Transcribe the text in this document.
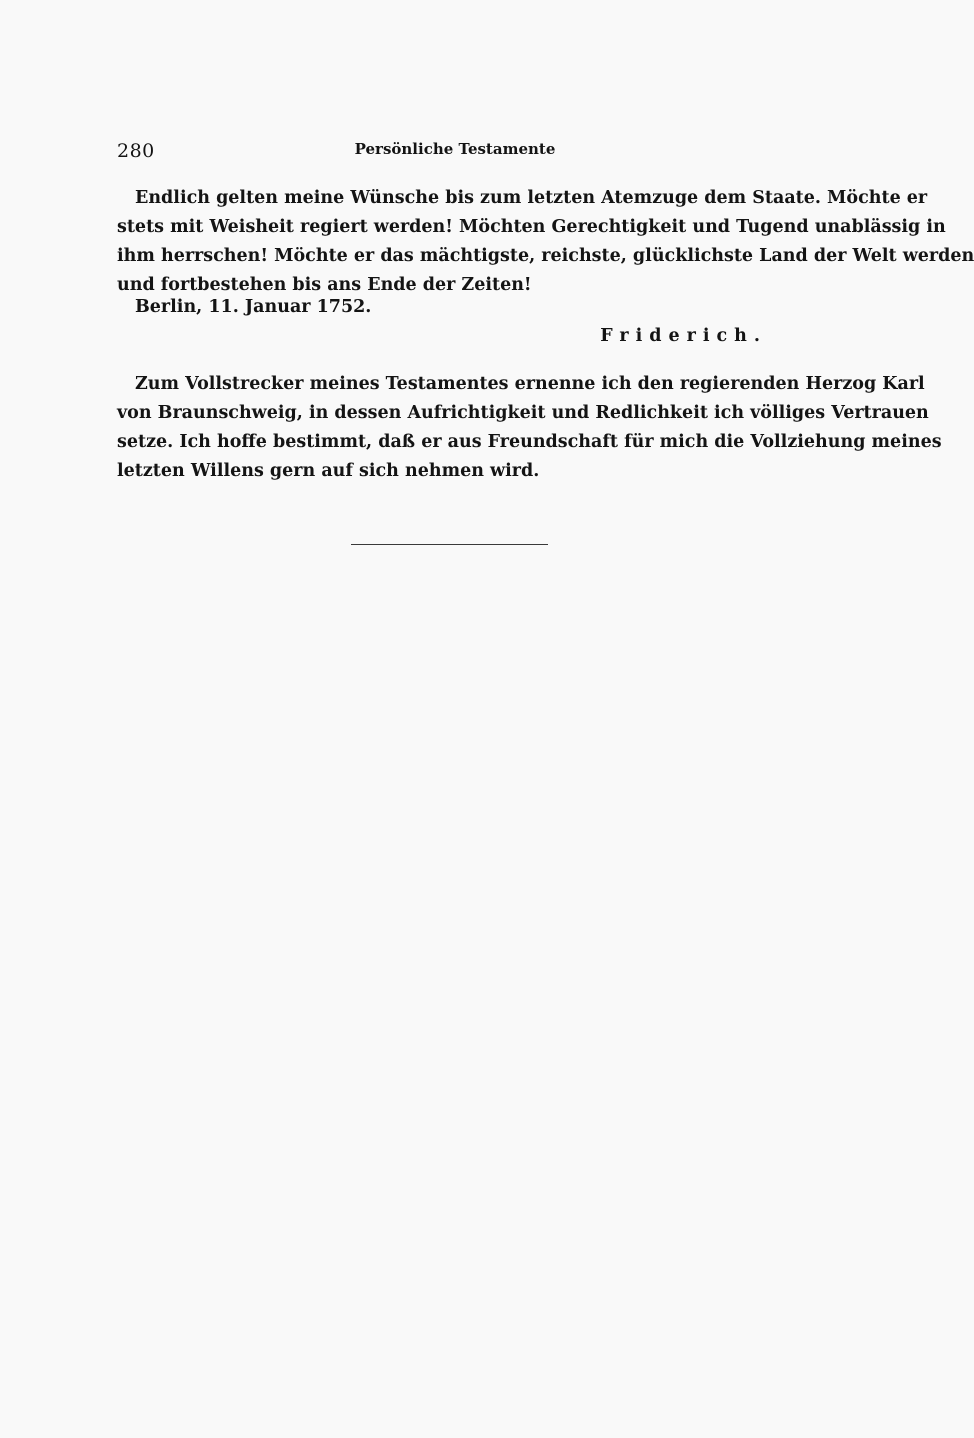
280	Persönliche Testamente
Endlich gelten meine Wünsche bis zum letzten Atemzuge dem Staate. Möchte er
stets mit Weisheit regiert werden! Möchten Gerechtigkeit und Tugend unablässig in
ihm herrschen! Möchte er das mächtigste, reichste, glücklichste Land der Welt werden
und fortbestehen bis ans Ende der Zeiten!
Berlin, 11. Januar 1752.
Friderich.
Zum Vollstrecker meines Testamentes ernenne ich den regierenden Herzog Karl
von Braunschweig, in dessen Aufrichtigkeit und Redlichkeit ich völliges Vertrauen
setze. Ich hoffe bestimmt, daß er aus Freundschaft für mich die Vollziehung meines
letzten Willens gern auf sich nehmen wird.
